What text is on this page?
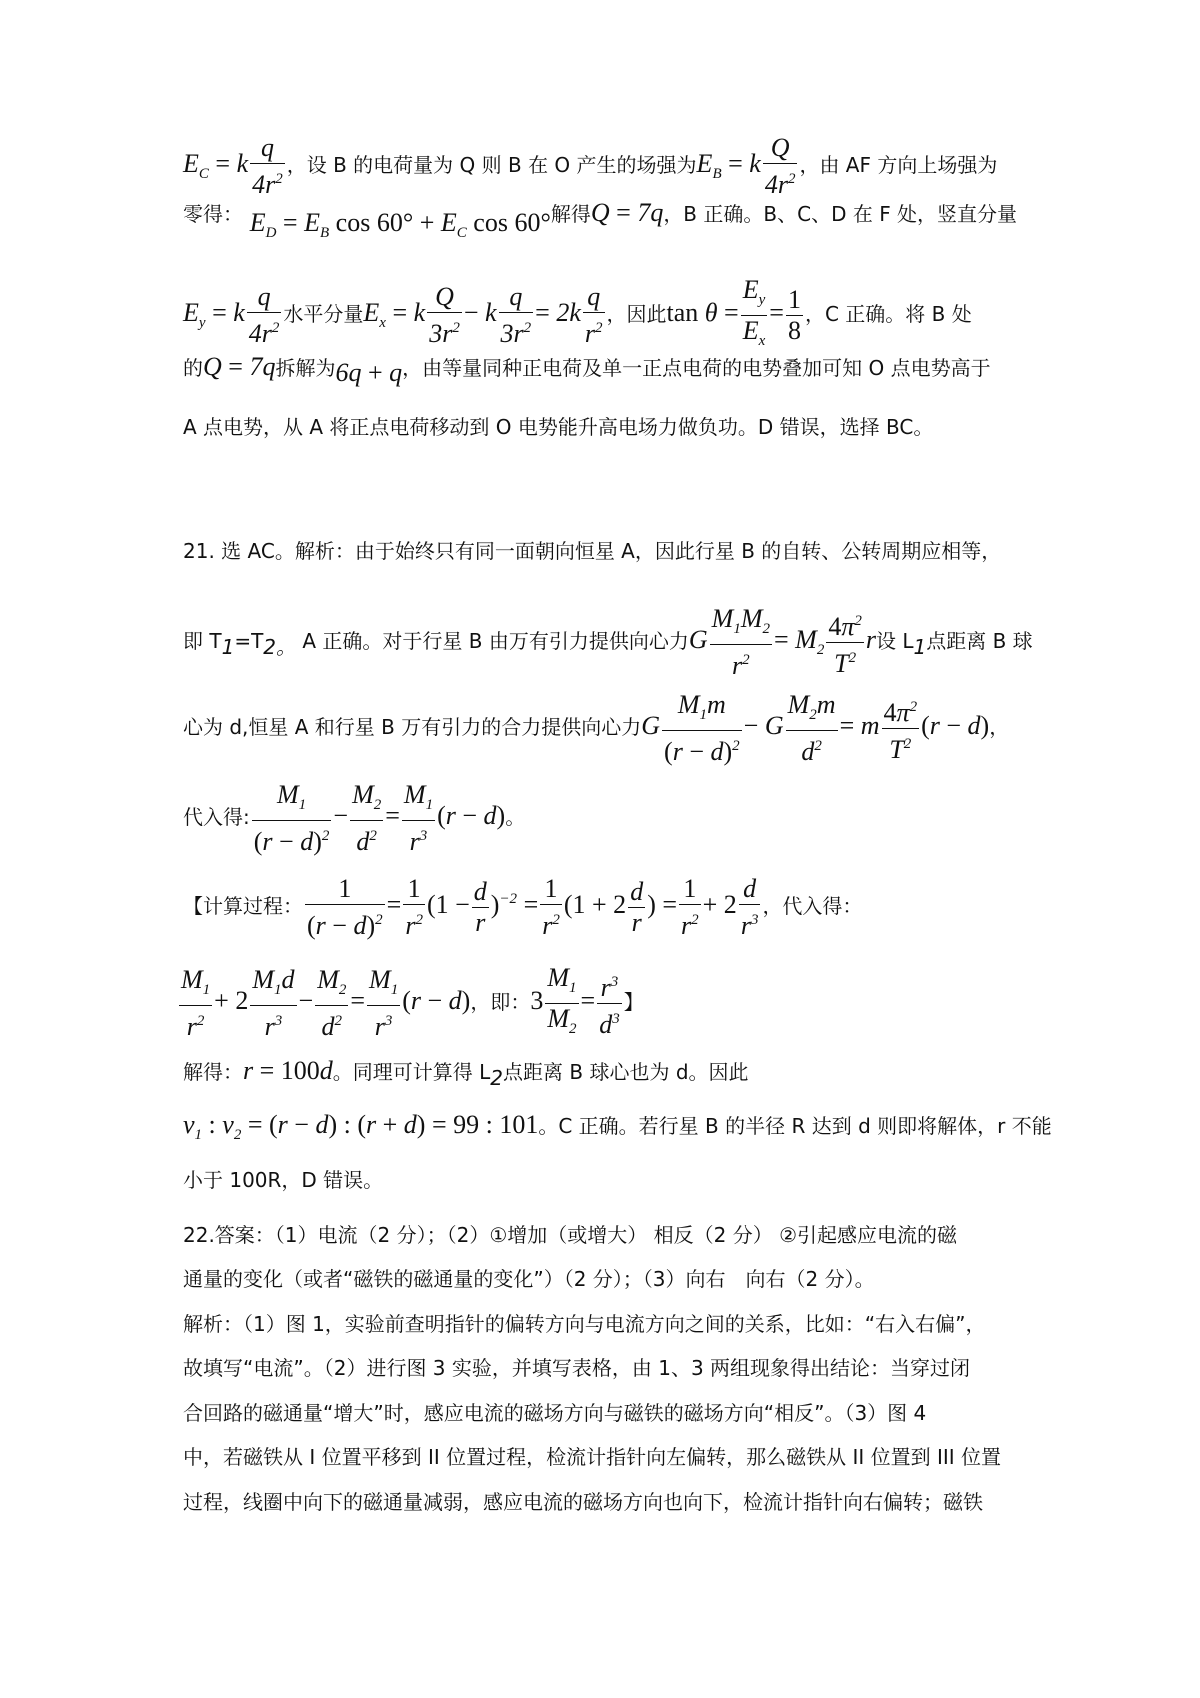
$E_C = k \frac{q}{4r^2}$ ，设 B 的电荷量为 Q 则 B 在 O 产生的场强为$E_B = k \frac{Q}{4r^2}$ ，由 AF 方向上场强为
零得： $E_D = E_B$ $\cos 60^\circ + E_C$ cos 60°解得Q = 7q，B 正确。B、C、D 在 F 处，竖直分量
$E_y = k \frac{q}{4r^2}$ 水平分量$E_x = k \frac{Q}{3r^2} - k \frac{q}{3r^2} = 2k \frac{q}{r^2}$ ，因此$\tan \theta = \frac{E_y}{E_x} = \frac{1}{8}$ ，C 正确。将 B 处
的Q = 7q拆解为6q + q，由等量同种正电荷及单一正点电荷的电势叠加可知 O 点电势高于
A 点电势，从 A 将正点电荷移动到 O 电势能升高电场力做负功。D 错误，选择 BC。
21. 选 AC。解析：由于始终只有同一面朝向恒星 A，因此行星 B 的自转、公转周期应相等，
即 $T_1=T_{2。}$ A 正确。对于行星 B 由万有引力提供向心力G $\frac{M_1M_2}{r^2} = M_2 \frac{4\pi^2}{T^2}$ r设 $L_1$点距离 B 球
心为 d,恒星 A 和行星 B 万有引力的合力提供向心力G $\frac{M_1m}{(r - d)^2} - G \frac{M_2m}{d^2} = m \frac{4\pi^2}{T^2} (r - d)$，
代入得: $\frac{M_1}{(r - d)^2} - \frac{M_2}{d^2} = \frac{M_1}{r^3} (r - d)$。
【计算过程： $\frac{1}{(r - d)^2} = \frac{1}{r^2} (1 - \frac{d}{r} )^{-2} = \frac{1}{r^2} (1 + 2 \frac{d}{r}$ ) = $\frac{1}{r^2} + 2 \frac{d}{r^3}$ ，代入得：
$\frac{M_1}{r^2} + 2 \frac{M_1d}{r^3} - \frac{M_2}{d^2} = \frac{M_1}{r^3} (r - d)$，即：$3 \frac{M_1}{M_2} = \frac{r^3}{d^3}$ 】
解得：r = 100d。同理可计算得 $L_2$点距离 B 球心也为 d。因此
$v_1$ : $v_2 = (r - d)$ : (r + d) = 99 : 101。C 正确。若行星 B 的半径 R 达到 d 则即将解体，r 不能
小于 100R，D 错误。
22.答案：（1）电流（2 分）；（2）①增加（或增大） 相反（2 分） ②引起感应电流的磁
通量的变化（或者“磁铁的磁通量的变化”）（2 分）；（3）向右　向右（2 分）。
解析：（1）图 1，实验前查明指针的偏转方向与电流方向之间的关系，比如：“右入右偏”，
故填写“电流”。（2）进行图 3 实验，并填写表格，由 1、3 两组现象得出结论：当穿过闭
合回路的磁通量“增大”时，感应电流的磁场方向与磁铁的磁场方向“相反”。（3）图 4
中，若磁铁从 I 位置平移到 II 位置过程，检流计指针向左偏转，那么磁铁从 II 位置到 III 位置
过程，线圈中向下的磁通量减弱，感应电流的磁场方向也向下，检流计指针向右偏转；磁铁
